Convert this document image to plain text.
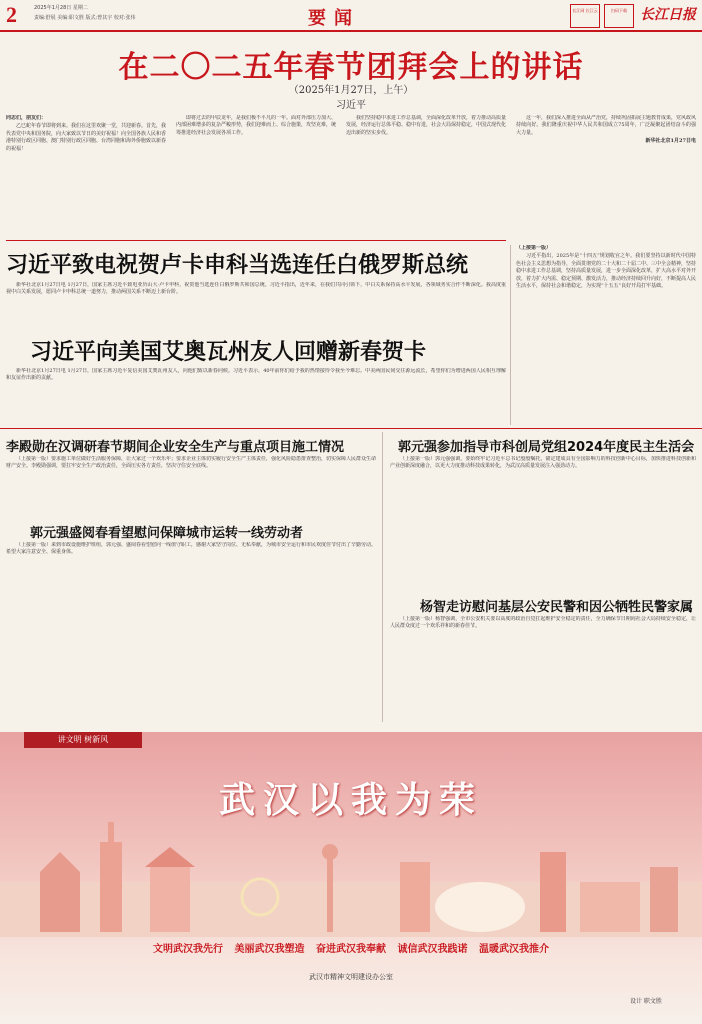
2	2025年1月28日 星期二
责编:舒展 美编:职文胜 版式:曾其宇 校对:张伟	要闻	长江网 长江云	扫码下载 长江日报
在二〇二五年春节团拜会上的讲话
（2025年1月27日，上午）
习近平

同志们，朋友们：

乙巳蛇年春节即将到来。我们在这里欢聚一堂，共迎新春。首先，我代表党中央和国务院，向大家致以节日的美好祝福！向全国各族人民和香港特别行政区同胞、澳门特别行政区同胞、台湾同胞和海外侨胞致以新春的祝福！

即将过去的甲辰龙年，是我们极不平凡的一年。面对外部压力加大、内部困难增多的复杂严峻形势，我们迎难而上、综合施策，攻坚克难，统筹推进经济社会发展各项工作。

我们坚持稳中求进工作总基调，全面深化改革开放，着力推动高质量发展，经济运行总体平稳、稳中有进，社会大局保持稳定，中国式现代化迈出新的坚实步伐。

这一年，我们深入推进全面从严治党，持续巩固拓展主题教育成果，党风政风持续向好。我们隆重庆祝中华人民共和国成立75周年，广泛凝聚起团结奋斗的强大力量。

新华社北京1月27日电

习近平致电祝贺卢卡申科当选连任白俄罗斯总统

新华社北京1月27日电 1月27日，国家主席习近平致电亚历山大·卢卡申科，祝贺他当选连任白俄罗斯共和国总统。习近平指出，近年来，在我们共同引领下，中白关系保持高水平发展，各领域务实合作不断深化。我高度重视中白关系发展，愿同卢卡申科总统一道努力，推动两国关系不断迈上新台阶。

习近平向美国艾奥瓦州友人回赠新春贺卡

新华社北京1月27日电 1月27日，国家主席习近平复信美国艾奥瓦州友人，向他们致以新春问候。习近平表示，40年前你们给予我的热情接待令我至今难忘。中美两国民间交往源远流长，希望你们为增进两国人民相互理解和友谊作出新的贡献。

（上接第一版）

习近平指出，2025年是“十四五”规划收官之年。我们要坚持以新时代中国特色社会主义思想为指导，全面贯彻党的二十大和二十届二中、三中全会精神，坚持稳中求进工作总基调，坚持高质量发展，进一步全面深化改革，扩大高水平对外开放，着力扩大内需、稳定预期、激发活力，推动经济持续回升向好，不断提高人民生活水平，保持社会和谐稳定，为实现“十五五”良好开局打牢基础。

李殿勋在汉调研春节期间企业安全生产与重点项目施工情况

（上接第一版）要求施工单位做好生活服务保障，让大家过一个欢乐年；要求企业主体切实履行安全生产主体责任，强化风险隐患排查整治，切实保障人民群众生命财产安全。李殿勋强调，要扛牢安全生产政治责任，全面压实各方责任，坚决守住安全底线。

郭元强盛阅春看望慰问保障城市运转一线劳动者

（上接第一版）来到市政设施维护班组，郭元强、盛阅春看望慰问一线值守职工，感谢大家坚守岗位、无私奉献，为城市安全运行和市民欢度佳节付出了辛勤劳动。希望大家注意安全、保重身体。

郭元强参加指导市科创局党组2024年度民主生活会

（上接第一版）郭元强强调，要始终牢记习近平总书记殷殷嘱托，锚定建成具有全国影响力的科技创新中心目标，加快推进科技创新和产业创新深度融合，以更大力度推动科技成果转化，为武汉高质量发展注入强劲动力。

杨智走访慰问基层公安民警和因公牺牲民警家属

（上接第一版）杨智强调，全市公安机关要以高度的政治自觉扛起维护安全稳定的责任，全力确保节日期间社会大局持续安全稳定，让人民群众度过一个欢乐祥和的新春佳节。

讲文明 树新风
武汉以我为荣
文明武汉我先行 美丽武汉我塑造 奋进武汉我奉献 诚信武汉我践诺 温暖武汉我推介
武汉市精神文明建设办公室
设计 职文胜
